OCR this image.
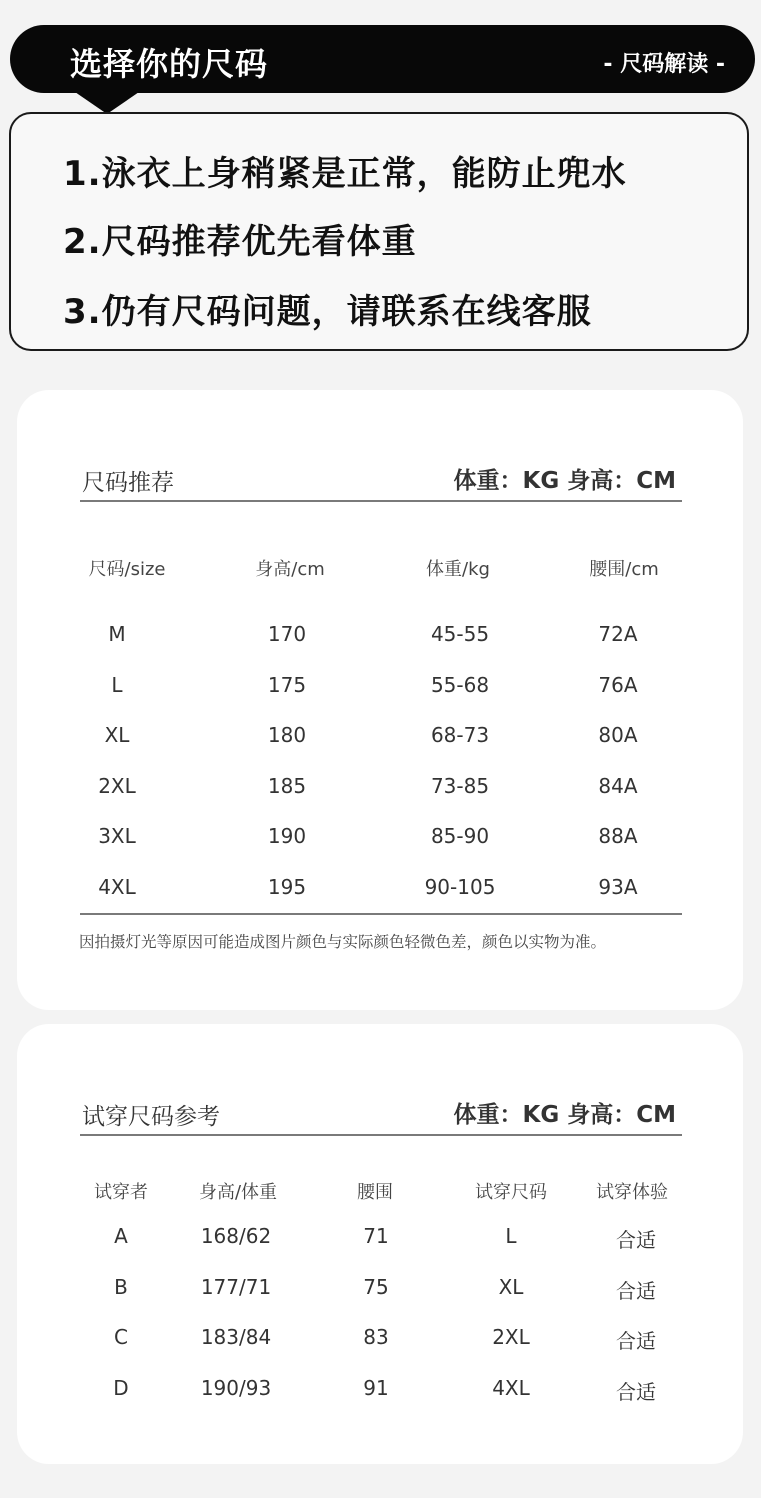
选择你的尺码	- 尺码解读 -
1.泳衣上身稍紧是正常，能防止兜水
2.尺码推荐优先看体重
3.仍有尺码问题，请联系在线客服
尺码推荐	体重：KG 身高：CM
尺码/size	身高/cm	体重/kg	腰围/cm
M	170	45-55	72A
L	175	55-68	76A
XL	180	68-73	80A
2XL	185	73-85	84A
3XL	190	85-90	88A
4XL	195	90-105	93A
因拍摄灯光等原因可能造成图片颜色与实际颜色轻微色差，颜色以实物为准。
试穿尺码参考	体重：KG 身高：CM
试穿者	身高/体重	腰围	试穿尺码	试穿体验
A	168/62	71	L	合适
B	177/71	75	XL	合适
C	183/84	83	2XL	合适
D	190/93	91	4XL	合适
